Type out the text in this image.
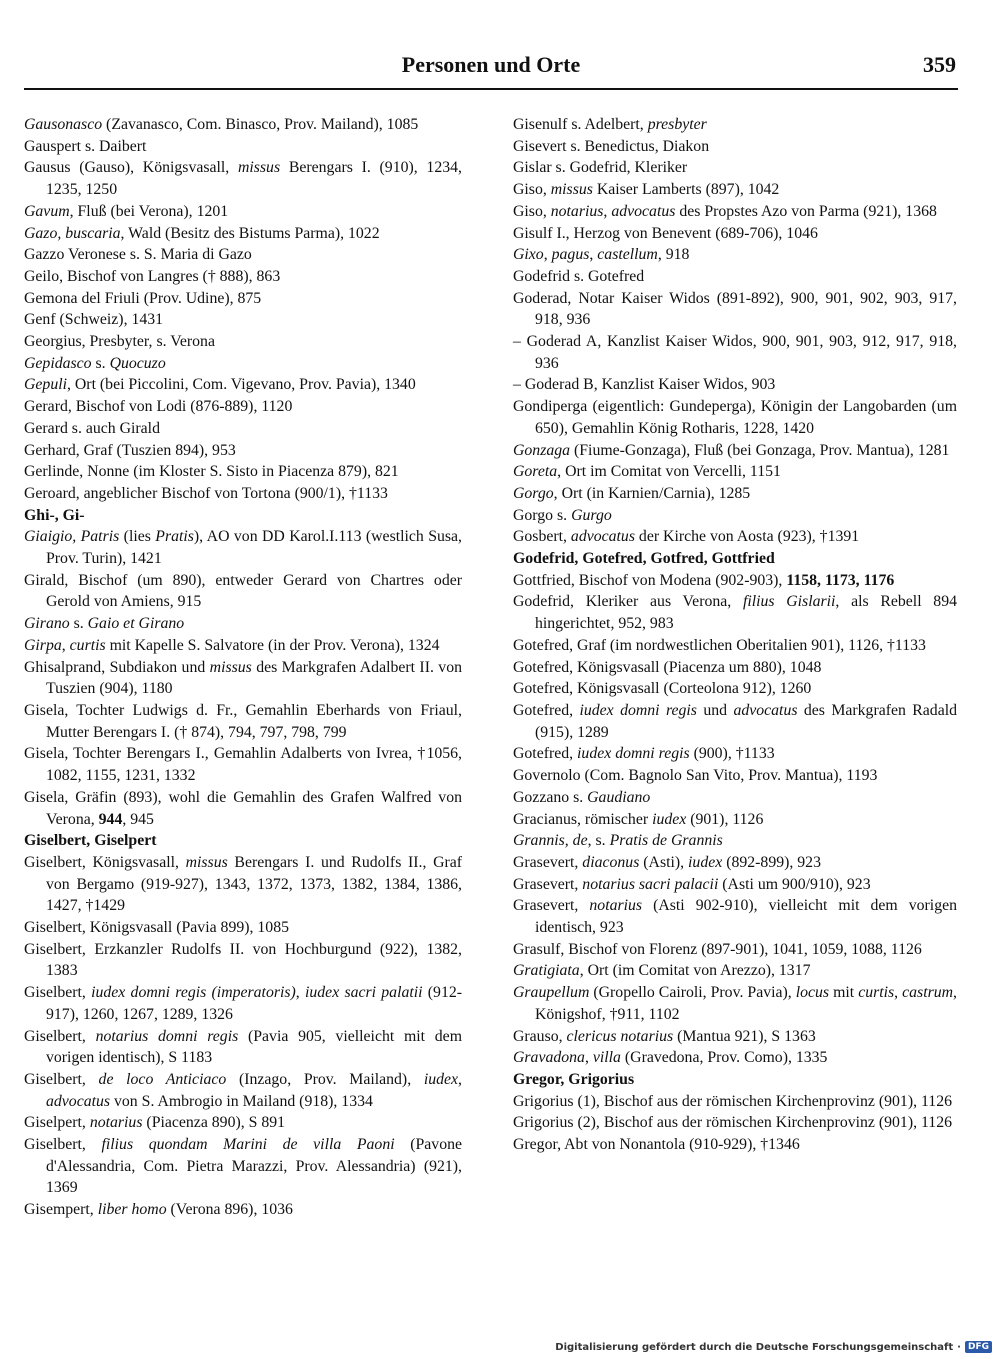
Personen und Orte	359
Gausonasco (Zavanasco, Com. Binasco, Prov. Mailand), 1085
Gauspert s. Daibert
Gausus (Gauso), Königsvasall, missus Berengars I. (910), 1234, 1235, 1250
Gavum, Fluß (bei Verona), 1201
Gazo, buscaria, Wald (Besitz des Bistums Parma), 1022
Gazzo Veronese s. S. Maria di Gazo
Geilo, Bischof von Langres († 888), 863
Gemona del Friuli (Prov. Udine), 875
Genf (Schweiz), 1431
Georgius, Presbyter, s. Verona
Gepidasco s. Quocuzo
Gepuli, Ort (bei Piccolini, Com. Vigevano, Prov. Pavia), 1340
Gerard, Bischof von Lodi (876-889), 1120
Gerard s. auch Girald
Gerhard, Graf (Tuszien 894), 953
Gerlinde, Nonne (im Kloster S. Sisto in Piacenza 879), 821
Geroard, angeblicher Bischof von Tortona (900/1), †1133
Ghi-, Gi-
Giaigio, Patris (lies Pratis), AO von DD Karol.I.113 (westlich Susa, Prov. Turin), 1421
Girald, Bischof (um 890), entweder Gerard von Chartres oder Gerold von Amiens, 915
Girano s. Gaio et Girano
Girpa, curtis mit Kapelle S. Salvatore (in der Prov. Verona), 1324
Ghisalprand, Subdiakon und missus des Markgrafen Adalbert II. von Tuszien (904), 1180
Gisela, Tochter Ludwigs d. Fr., Gemahlin Eberhards von Friaul, Mutter Berengars I. († 874), 794, 797, 798, 799
Gisela, Tochter Berengars I., Gemahlin Adalberts von Ivrea, †1056, 1082, 1155, 1231, 1332
Gisela, Gräfin (893), wohl die Gemahlin des Grafen Walfred von Verona, 944, 945
Giselbert, Giselpert
Giselbert, Königsvasall, missus Berengars I. und Rudolfs II., Graf von Bergamo (919-927), 1343, 1372, 1373, 1382, 1384, 1386, 1427, †1429
Giselbert, Königsvasall (Pavia 899), 1085
Giselbert, Erzkanzler Rudolfs II. von Hochburgund (922), 1382, 1383
Giselbert, iudex domni regis (imperatoris), iudex sacri palatii (912-917), 1260, 1267, 1289, 1326
Giselbert, notarius domni regis (Pavia 905, vielleicht mit dem vorigen identisch), S 1183
Giselbert, de loco Anticiaco (Inzago, Prov. Mailand), iudex, advocatus von S. Ambrogio in Mailand (918), 1334
Giselpert, notarius (Piacenza 890), S 891
Giselbert, filius quondam Marini de villa Paoni (Pavone d'Alessandria, Com. Pietra Marazzi, Prov. Alessandria) (921), 1369
Gisempert, liber homo (Verona 896), 1036
Gisenulf s. Adelbert, presbyter
Gisevert s. Benedictus, Diakon
Gislar s. Godefrid, Kleriker
Giso, missus Kaiser Lamberts (897), 1042
Giso, notarius, advocatus des Propstes Azo von Parma (921), 1368
Gisulf I., Herzog von Benevent (689-706), 1046
Gixo, pagus, castellum, 918
Godefrid s. Gotefred
Goderad, Notar Kaiser Widos (891-892), 900, 901, 902, 903, 917, 918, 936
– Goderad A, Kanzlist Kaiser Widos, 900, 901, 903, 912, 917, 918, 936
– Goderad B, Kanzlist Kaiser Widos, 903
Gondiperga (eigentlich: Gundeperga), Königin der Langobarden (um 650), Gemahlin König Rotharis, 1228, 1420
Gonzaga (Fiume-Gonzaga), Fluß (bei Gonzaga, Prov. Mantua), 1281
Goreta, Ort im Comitat von Vercelli, 1151
Gorgo, Ort (in Karnien/Carnia), 1285
Gorgo s. Gurgo
Gosbert, advocatus der Kirche von Aosta (923), †1391
Godefrid, Gotefred, Gotfred, Gottfried
Gottfried, Bischof von Modena (902-903), 1158, 1173, 1176
Godefrid, Kleriker aus Verona, filius Gislarii, als Rebell 894 hingerichtet, 952, 983
Gotefred, Graf (im nordwestlichen Oberitalien 901), 1126, †1133
Gotefred, Königsvasall (Piacenza um 880), 1048
Gotefred, Königsvasall (Corteolona 912), 1260
Gotefred, iudex domni regis und advocatus des Markgrafen Radald (915), 1289
Gotefred, iudex domni regis (900), †1133
Governolo (Com. Bagnolo San Vito, Prov. Mantua), 1193
Gozzano s. Gaudiano
Gracianus, römischer iudex (901), 1126
Grannis, de, s. Pratis de Grannis
Grasevert, diaconus (Asti), iudex (892-899), 923
Grasevert, notarius sacri palacii (Asti um 900/910), 923
Grasevert, notarius (Asti 902-910), vielleicht mit dem vorigen identisch, 923
Grasulf, Bischof von Florenz (897-901), 1041, 1059, 1088, 1126
Gratigiata, Ort (im Comitat von Arezzo), 1317
Graupellum (Gropello Cairoli, Prov. Pavia), locus mit curtis, castrum, Königshof, †911, 1102
Grauso, clericus notarius (Mantua 921), S 1363
Gravadona, villa (Gravedona, Prov. Como), 1335
Gregor, Grigorius
Grigorius (1), Bischof aus der römischen Kirchenprovinz (901), 1126
Grigorius (2), Bischof aus der römischen Kirchenprovinz (901), 1126
Gregor, Abt von Nonantola (910-929), †1346
Digitalisierung gefördert durch die Deutsche Forschungsgemeinschaft · DFG
